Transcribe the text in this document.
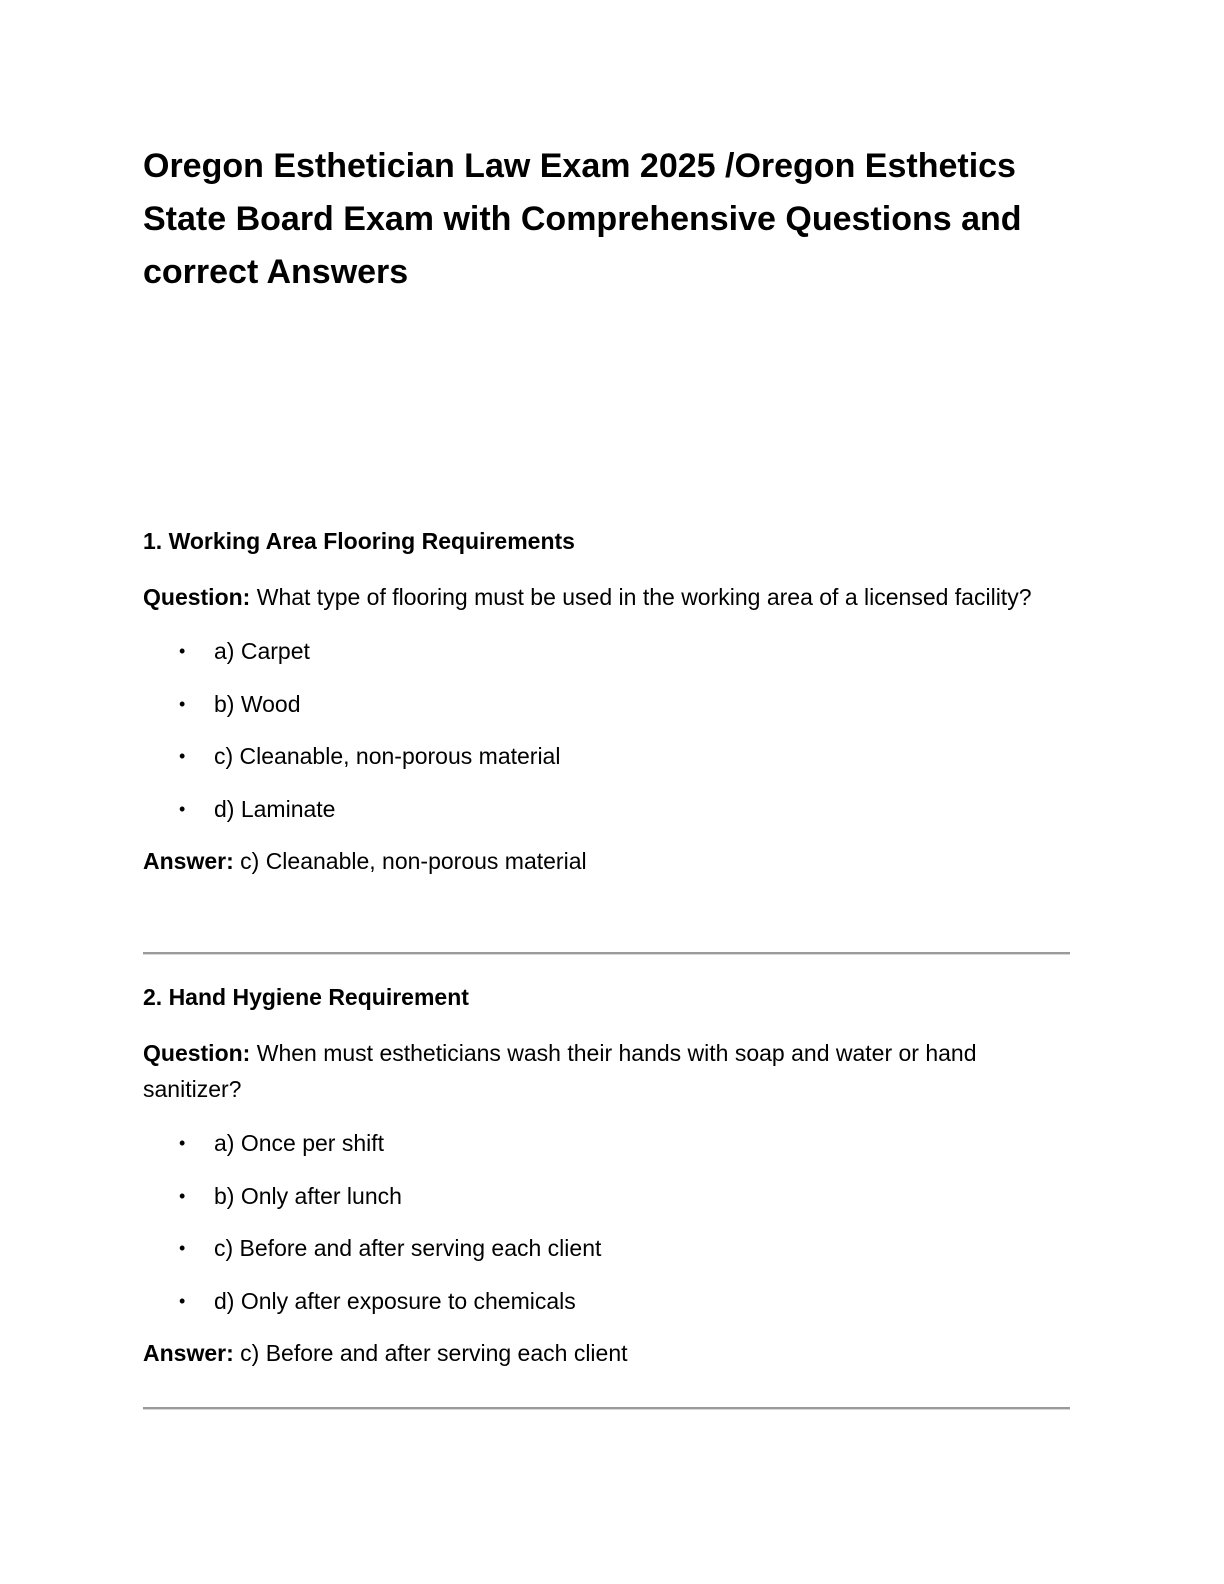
Oregon Esthetician Law Exam 2025 /Oregon Esthetics State Board Exam with Comprehensive Questions and correct Answers
1. Working Area Flooring Requirements

Question: What type of flooring must be used in the working area of a licensed facility?

• a) Carpet
• b) Wood
• c) Cleanable, non-porous material
• d) Laminate

Answer: c) Cleanable, non-porous material

2. Hand Hygiene Requirement

Question: When must estheticians wash their hands with soap and water or hand sanitizer?

• a) Once per shift
• b) Only after lunch
• c) Before and after serving each client
• d) Only after exposure to chemicals

Answer: c) Before and after serving each client
